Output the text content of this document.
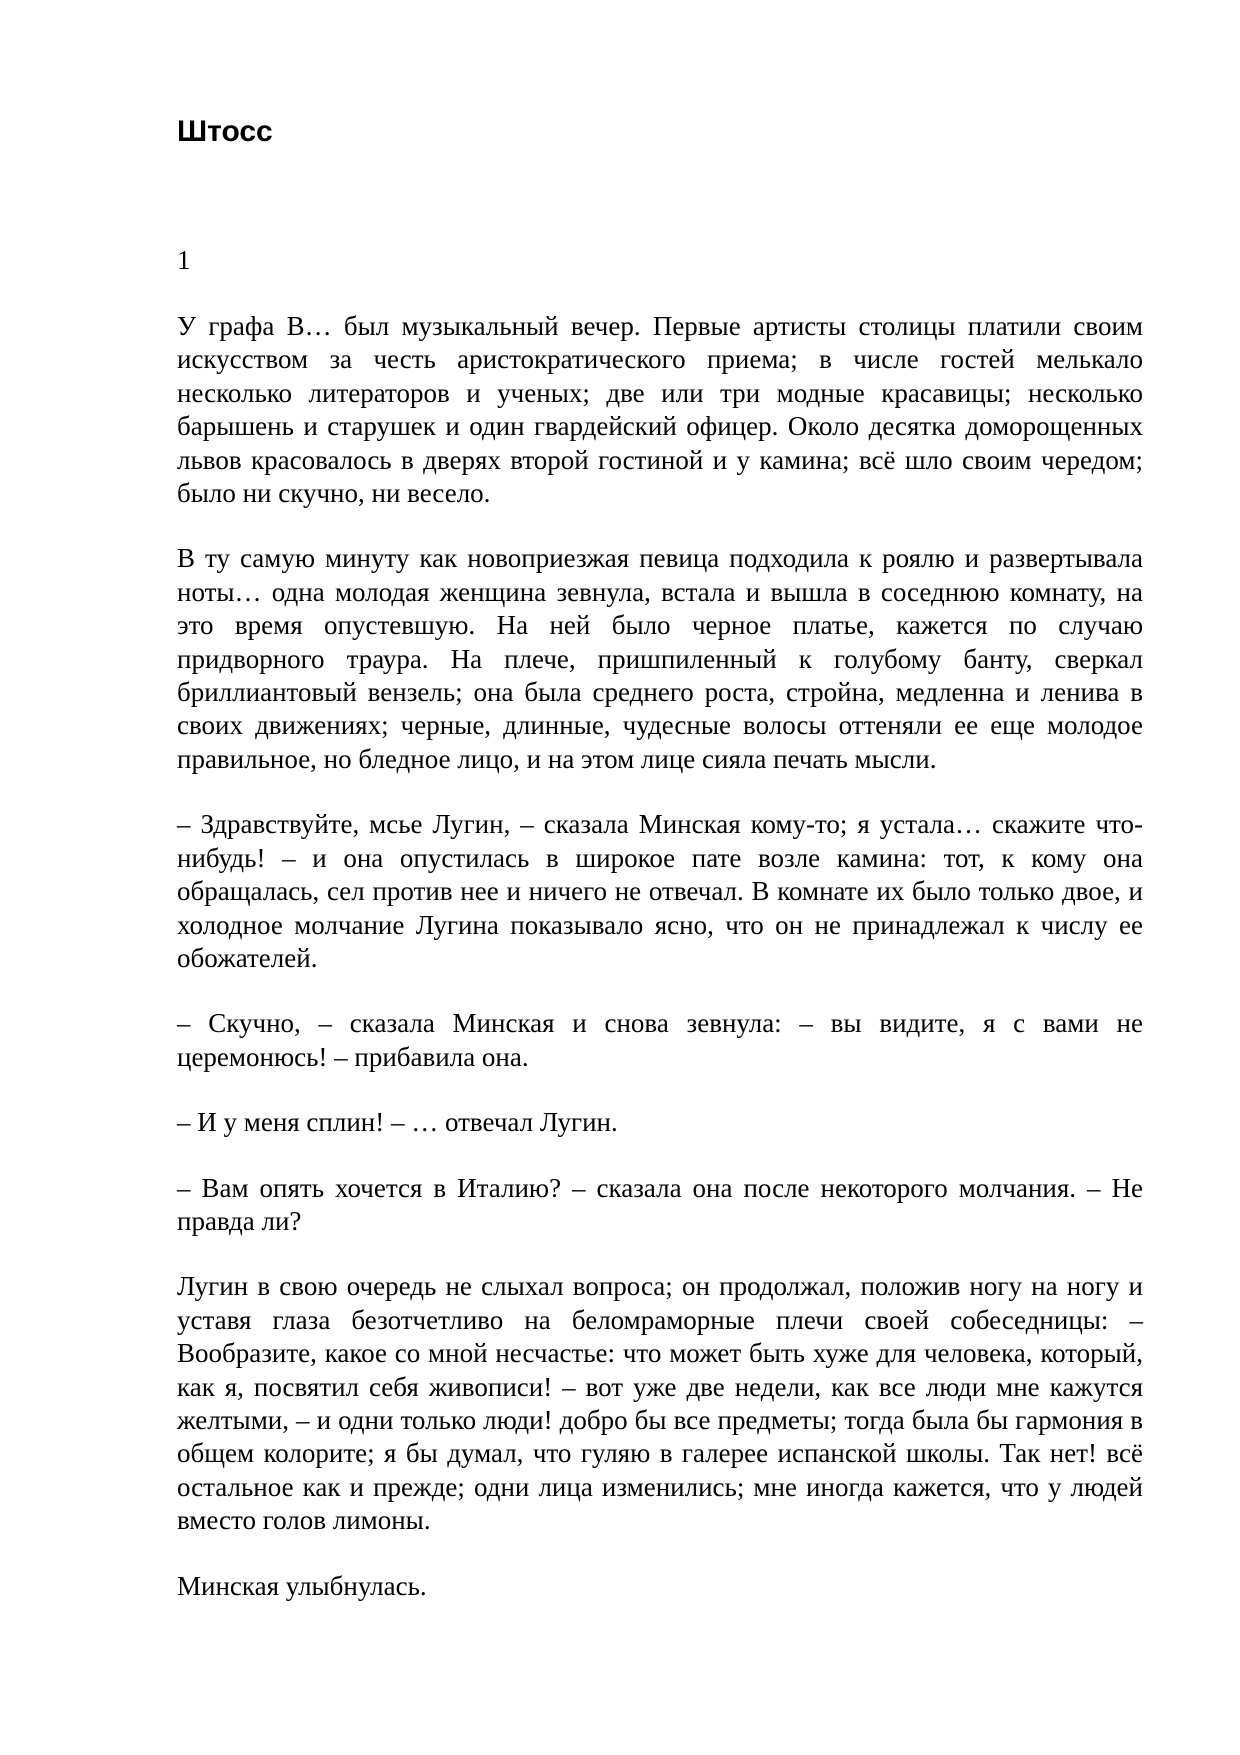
Штосс

1

У графа В… был музыкальный вечер. Первые артисты столицы платили своим искусством за честь аристократического приема; в числе гостей мелькало несколько литераторов и ученых; две или три модные красавицы; несколько барышень и старушек и один гвардейский офицер. Около десятка доморощенных львов красовалось в дверях второй гостиной и у камина; всё шло своим чередом; было ни скучно, ни весело.

В ту самую минуту как новоприезжая певица подходила к роялю и развертывала ноты… одна молодая женщина зевнула, встала и вышла в соседнюю комнату, на это время опустевшую. На ней было черное платье, кажется по случаю придворного траура. На плече, пришпиленный к голубому банту, сверкал бриллиантовый вензель; она была среднего роста, стройна, медленна и ленива в своих движениях; черные, длинные, чудесные волосы оттеняли ее еще молодое правильное, но бледное лицо, и на этом лице сияла печать мысли.

– Здравствуйте, мсье Лугин, – сказала Минская кому-то; я устала… скажите что-нибудь! – и она опустилась в широкое пате возле камина: тот, к кому она обращалась, сел против нее и ничего не отвечал. В комнате их было только двое, и холодное молчание Лугина показывало ясно, что он не принадлежал к числу ее обожателей.

– Скучно, – сказала Минская и снова зевнула: – вы видите, я с вами не церемонюсь! – прибавила она.

– И у меня сплин! – … отвечал Лугин.

– Вам опять хочется в Италию? – сказала она после некоторого молчания. – Не правда ли?

Лугин в свою очередь не слыхал вопроса; он продолжал, положив ногу на ногу и уставя глаза безотчетливо на беломраморные плечи своей собеседницы: – Вообразите, какое со мной несчастье: что может быть хуже для человека, который, как я, посвятил себя живописи! – вот уже две недели, как все люди мне кажутся желтыми, – и одни только люди! добро бы все предметы; тогда была бы гармония в общем колорите; я бы думал, что гуляю в галерее испанской школы. Так нет! всё остальное как и прежде; одни лица изменились; мне иногда кажется, что у людей вместо голов лимоны.

Минская улыбнулась.
